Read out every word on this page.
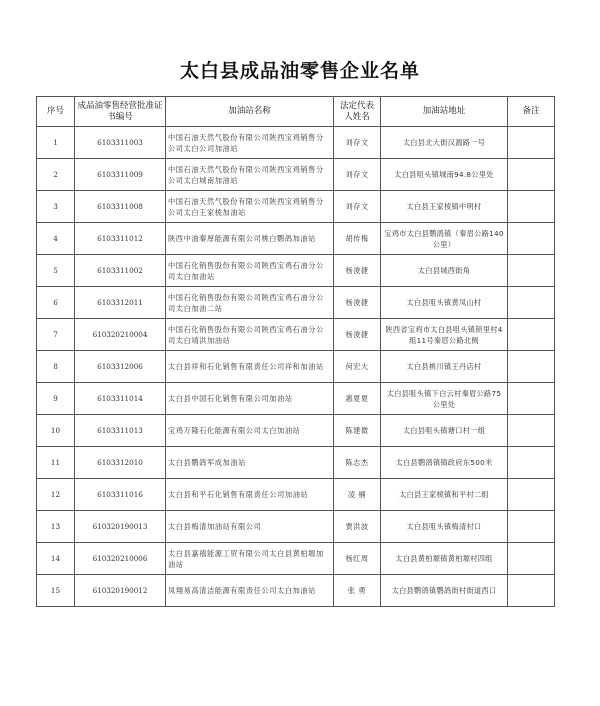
太白县成品油零售企业名单
序号	成品油零售经营批准证书编号	加油站名称	法定代表人姓名	加油站地址	备注
1	6103311003	中国石油天然气股份有限公司陕西宝鸡销售分公司太白公司加油站	刘存文	太白县北大街汉源路一号	
2	6103311009	中国石油天然气股份有限公司陕西宝鸡销售分公司太白城南加油站	刘存文	太白县咀头镇城南94.8公里处	
3	6103311008	中国石油天然气股份有限公司陕西宝鸡销售分公司太白王家棱加油站	刘存文	太白县王家棱镇中明村	
4	6103311012	陕西中油秦厚能源有限公司桃白鹦鸽加油站	胡传梅	宝鸡市太白县鹦鸽镇（秦眉公路140公里）	
5	6103311002	中国石化销售股份有限公司陕西宝鸡石油分公司太白加油站	杨浚捷	太白县城西街角	
6	6103312011	中国石化销售股份有限公司陕西宝鸡石油分公司太白加油二站	杨浚捷	太白县咀头镇黄凤山村	
7	610320210004	中国石化销售股份有限公司陕西宝鸡石油分公司太白靖洪加油站	杨浚捷	陕西省宝鸡市太白县咀头镇锁里村4组11号秦眉公路北侧	
8	6103312006	太白县祥和石化销售有限责任公司祥和加油站	何宏大	太白县桃川镇王丹店村	
9	6103311014	太白县中国石化销售有限公司加油站	惠夏夏	太白县咀头镇下白云村秦眉公路75公里处	
10	6103311013	宝鸡万隆石化能源有限公司太白加油站	陈建微	太白县咀头镇塘口村一组	
11	6103312010	太白县鹦鸽军成加油站	陈志杰	太白县鹦鸽镇镇政府东500米	
12	6103311016	太白县和平石化销售有限责任公司加油站	凌 楠	太白县王家棱镇和平村二组	
13	610320190013	太白县梅清加油站有限公司	贾洪波	太白县咀头镇梅清村口	
14	610320210006	太白县嘉禧能源工贸有限公司太白县黄柏塬加油站	杨红周	太白县黄柏塬镇黄柏塬村四组	
15	610320190012	凤翔易高清洁能源有限责任公司太白加油站	张 勇	太白县鹦鸽镇鹦鸽街村街道西口	
